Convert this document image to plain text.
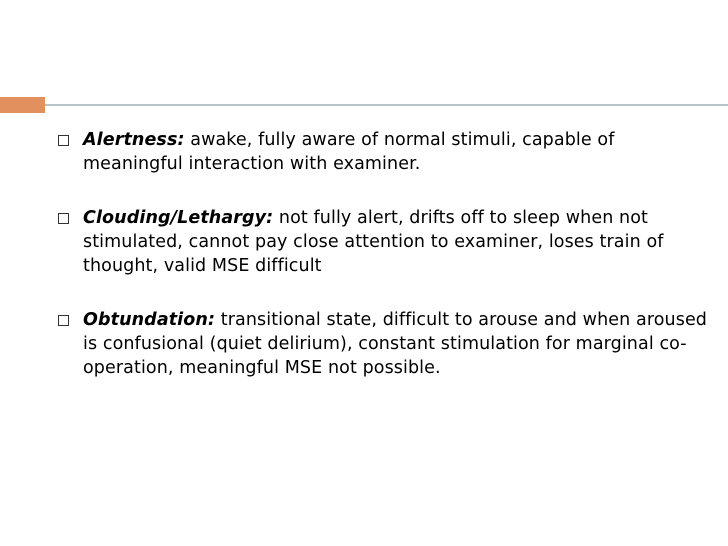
Alertness: awake, fully aware of normal stimuli, capable of meaningful interaction with examiner.
Clouding/Lethargy: not fully alert, drifts off to sleep when not stimulated, cannot pay close attention to examiner, loses train of thought, valid MSE difficult
Obtundation: transitional state, difficult to arouse and when aroused is confusional (quiet delirium), constant stimulation for marginal co-operation, meaningful MSE not possible.
